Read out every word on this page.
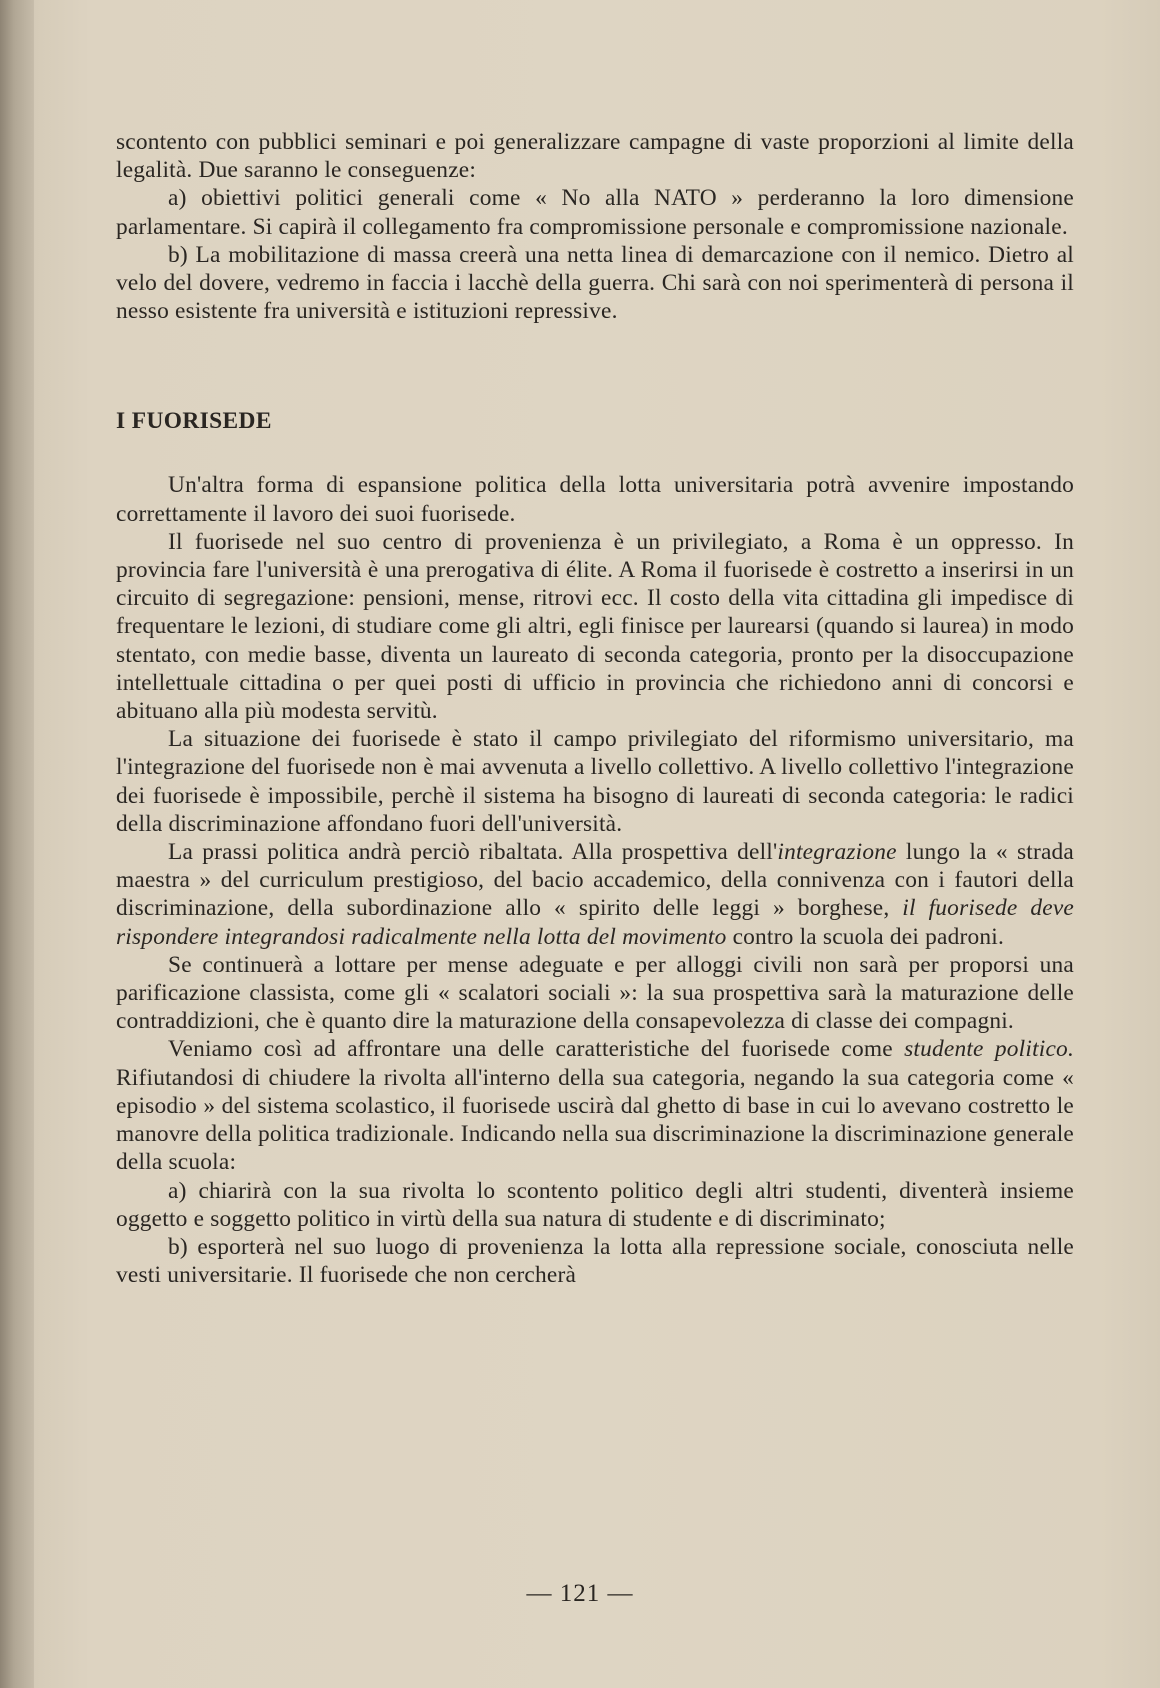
scontento con pubblici seminari e poi generalizzare campagne di vaste proporzioni al limite della legalità. Due saranno le conseguenze:

a) obiettivi politici generali come « No alla NATO » perderanno la loro dimensione parlamentare. Si capirà il collegamento fra compromissione personale e compromissione nazionale.

b) La mobilitazione di massa creerà una netta linea di demarcazione con il nemico. Dietro al velo del dovere, vedremo in faccia i lacchè della guerra. Chi sarà con noi sperimenterà di persona il nesso esistente fra università e istituzioni repressive.

I FUORISEDE

Un'altra forma di espansione politica della lotta universitaria potrà avvenire impostando correttamente il lavoro dei suoi fuorisede.

Il fuorisede nel suo centro di provenienza è un privilegiato, a Roma è un oppresso. In provincia fare l'università è una prerogativa di élite. A Roma il fuorisede è costretto a inserirsi in un circuito di segregazione: pensioni, mense, ritrovi ecc. Il costo della vita cittadina gli impedisce di frequentare le lezioni, di studiare come gli altri, egli finisce per laurearsi (quando si laurea) in modo stentato, con medie basse, diventa un laureato di seconda categoria, pronto per la disoccupazione intellettuale cittadina o per quei posti di ufficio in provincia che richiedono anni di concorsi e abituano alla più modesta servitù.

La situazione dei fuorisede è stato il campo privilegiato del riformismo universitario, ma l'integrazione del fuorisede non è mai avvenuta a livello collettivo. A livello collettivo l'integrazione dei fuorisede è impossibile, perchè il sistema ha bisogno di laureati di seconda categoria: le radici della discriminazione affondano fuori dell'università.

La prassi politica andrà perciò ribaltata. Alla prospettiva dell'integrazione lungo la « strada maestra » del curriculum prestigioso, del bacio accademico, della connivenza con i fautori della discriminazione, della subordinazione allo « spirito delle leggi » borghese, il fuorisede deve rispondere integrandosi radicalmente nella lotta del movimento contro la scuola dei padroni.

Se continuerà a lottare per mense adeguate e per alloggi civili non sarà per proporsi una parificazione classista, come gli « scalatori sociali »: la sua prospettiva sarà la maturazione delle contraddizioni, che è quanto dire la maturazione della consapevolezza di classe dei compagni.

Veniamo così ad affrontare una delle caratteristiche del fuorisede come studente politico. Rifiutandosi di chiudere la rivolta all'interno della sua categoria, negando la sua categoria come « episodio » del sistema scolastico, il fuorisede uscirà dal ghetto di base in cui lo avevano costretto le manovre della politica tradizionale. Indicando nella sua discriminazione la discriminazione generale della scuola:

a) chiarirà con la sua rivolta lo scontento politico degli altri studenti, diventerà insieme oggetto e soggetto politico in virtù della sua natura di studente e di discriminato;

b) esporterà nel suo luogo di provenienza la lotta alla repressione sociale, conosciuta nelle vesti universitarie. Il fuorisede che non cercherà

— 121 —
